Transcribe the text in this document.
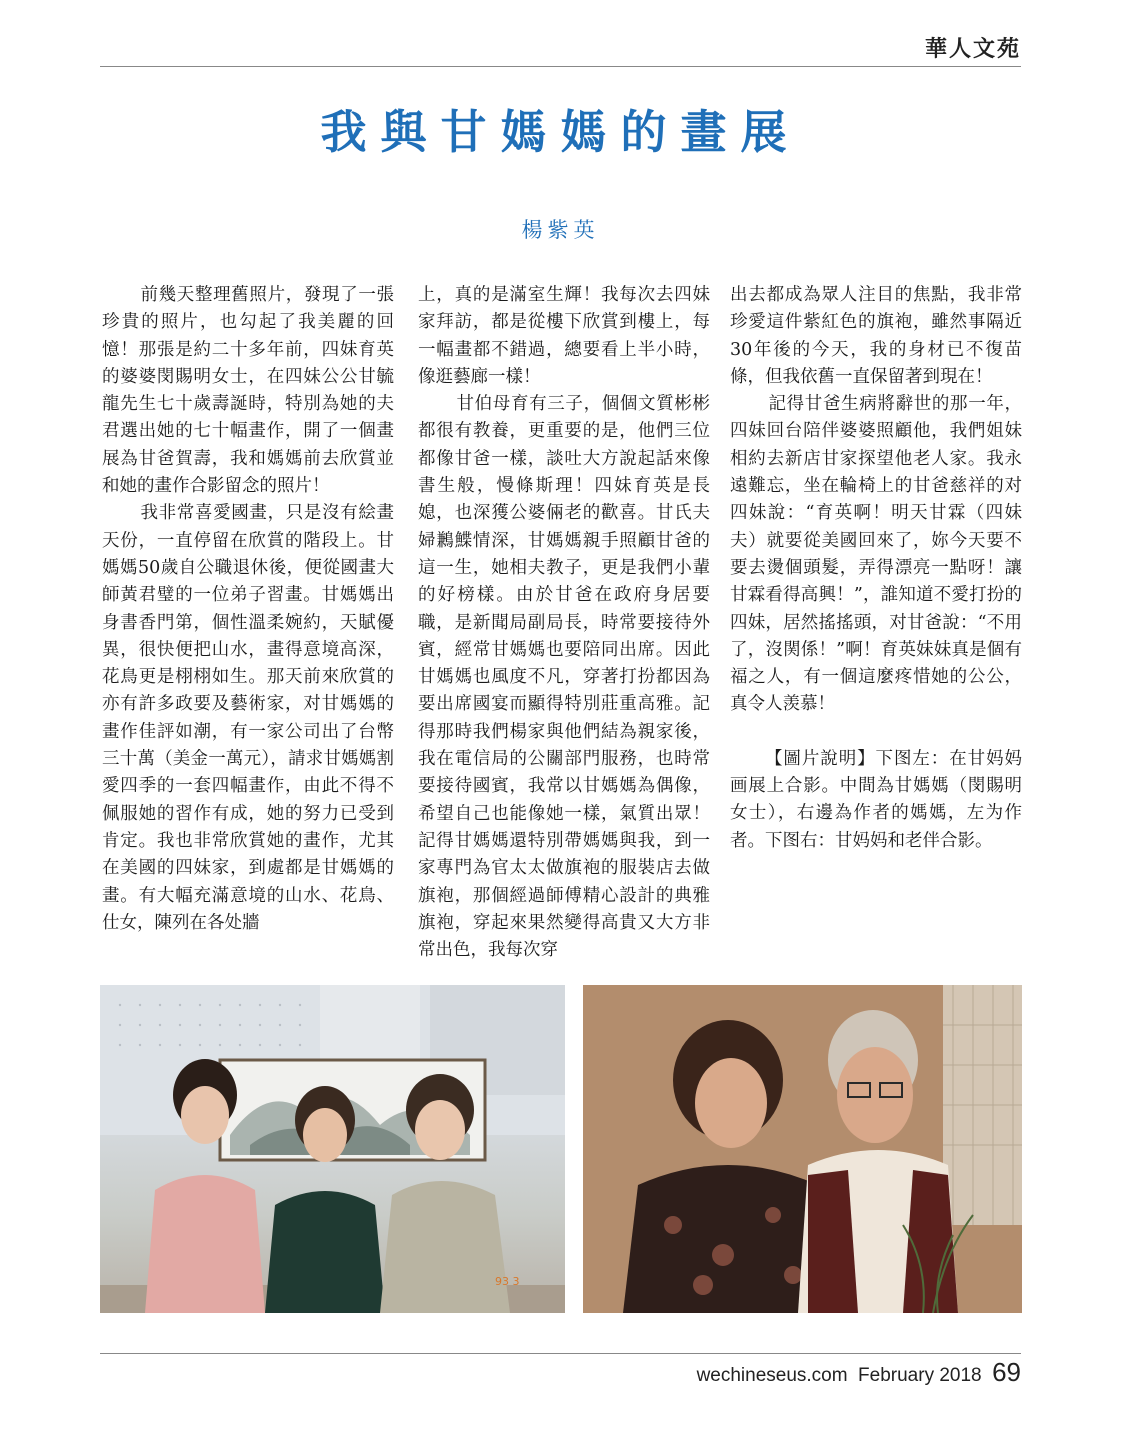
華人文苑
我與甘媽媽的畫展
楊紫英

前幾天整理舊照片，發現了一張珍貴的照片，也勾起了我美麗的回憶！那張是約二十多年前，四妹育英的婆婆閔賜明女士，在四妹公公甘毓龍先生七十歲壽誕時，特別為她的夫君選出她的七十幅畫作，開了一個畫展為甘爸賀壽，我和媽媽前去欣賞並和她的畫作合影留念的照片！

我非常喜愛國畫，只是沒有絵畫天份，一直停留在欣賞的階段上。甘媽媽50歲自公職退休後，便從國畫大師黃君璧的一位弟子習畫。甘媽媽出身書香門第，個性溫柔婉約，天賦優異，很快便把山水，畫得意境高深，花鳥更是栩栩如生。那天前來欣賞的亦有許多政要及藝術家，对甘媽媽的畫作佳評如潮，有一家公司出了台幣三十萬（美金一萬元），請求甘媽媽割愛四季的一套四幅畫作，由此不得不佩服她的習作有成，她的努力已受到肯定。我也非常欣賞她的畫作，尤其在美國的四妹家，到處都是甘媽媽的畫。有大幅充滿意境的山水、花鳥、仕女，陳列在各处牆

上，真的是滿室生輝！我每次去四妹家拜訪，都是從樓下欣賞到樓上，每一幅畫都不錯過，總要看上半小時，像逛藝廊一樣！

甘伯母育有三子，個個文質彬彬都很有教養，更重要的是，他們三位都像甘爸一樣，談吐大方說起話來像書生般，慢條斯理！四妹育英是長媳，也深獲公婆倆老的歡喜。甘氏夫婦鶼鰈情深，甘媽媽親手照顧甘爸的這一生，她相夫教子，更是我們小輩的好榜樣。由於甘爸在政府身居要職，是新聞局副局長，時常要接待外賓，經常甘媽媽也要陪同出席。因此甘媽媽也風度不凡，穿著打扮都因為要出席國宴而顯得特別莊重高雅。記得那時我們楊家與他們結為親家後，我在電信局的公關部門服務，也時常要接待國賓，我常以甘媽媽為偶像，希望自己也能像她一樣，氣質出眾！記得甘媽媽還特別帶媽媽與我，到一家專門為官太太做旗袍的服裝店去做旗袍，那個經過師傅精心設計的典雅旗袍，穿起來果然變得高貴又大方非常出色，我每次穿

出去都成為眾人注目的焦點，我非常珍愛這件紫紅色的旗袍，雖然事隔近30年後的今天，我的身材已不復苗條，但我依舊一直保留著到現在！

記得甘爸生病將辭世的那一年，四妹回台陪伴婆婆照顧他，我們姐妹相約去新店甘家探望他老人家。我永遠難忘，坐在輪椅上的甘爸慈祥的对四妹說：“育英啊！明天甘霖（四妹夫）就要從美國回來了，妳今天要不要去燙個頭髮，弄得漂亮一點呀！讓甘霖看得高興！”，誰知道不愛打扮的四妹，居然搖搖頭，对甘爸說：“不用了，沒関係！”啊！育英妹妹真是個有福之人，有一個這麼疼惜她的公公，真令人羡慕！

【圖片說明】下图左：在甘妈妈画展上合影。中間為甘媽媽（閔賜明女士），右邊為作者的媽媽，左为作者。下图右：甘妈妈和老伴合影。

93 3
wechineseus.com February 2018 69
